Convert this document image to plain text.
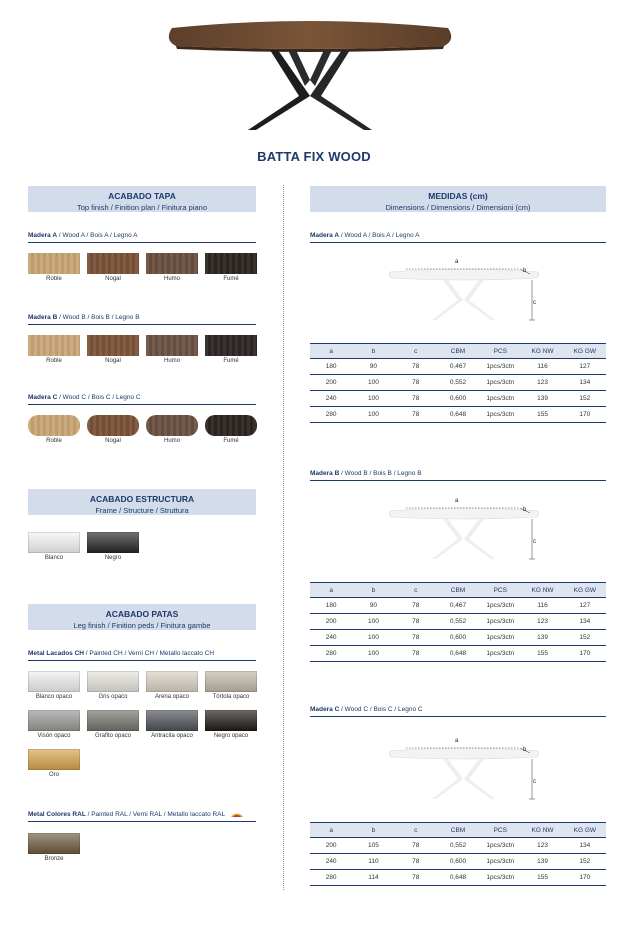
BATTA FIX WOOD
ACABADO TAPA
Top finish / Finition plan / Finitura piano
Madera A / Wood A / Bois A / Legno A
Roble	Nogal	Humo	Fumé
Madera B / Wood B / Bois B / Legno B
Roble	Nogal	Humo	Fumé
Madera C / Wood C / Bois C / Legno C
Roble	Nogal	Humo	Fumé
ACABADO ESTRUCTURA
Frame / Structure / Struttura
Blanco	Negro
ACABADO PATAS
Leg finish / Finition peds / Finitura gambe
Metal Lacados CH / Painted CH / Verni CH / Metallo laccato CH
Blanco opaco	Gris opaco	Arena opaco	Tórtola opaco
Visón opaco	Grafito opaco	Antracita opaco	Negro opaco
Oro
Metal Colores RAL / Painted RAL / Verni RAL / Metallo laccato RAL
Bronze
MEDIDAS (cm)
Dimensions / Dimensions / Dimensioni (cm)
Madera A / Wood A / Bois A / Legno A
a
b
c
a	b	c	CBM	PCS	KG NW	KG GW
180	90	78	0,467	1pcs/3ctn	116	127
200	100	78	0,552	1pcs/3ctn	123	134
240	100	78	0,600	1pcs/3ctn	139	152
280	100	78	0,648	1pcs/3ctn	155	170
Madera B / Wood B / Bois B / Legno B
a
b
c
a	b	c	CBM	PCS	KG NW	KG GW
180	90	78	0,467	1pcs/3ctn	116	127
200	100	78	0,552	1pcs/3ctn	123	134
240	100	78	0,600	1pcs/3ctn	139	152
280	100	78	0,648	1pcs/3ctn	155	170
Madera C / Wood C / Bois C / Legno C
a
b
c
a	b	c	CBM	PCS	KG NW	KG GW
200	105	78	0,552	1pcs/3ctn	123	134
240	110	78	0,600	1pcs/3ctn	139	152
280	114	78	0,648	1pcs/3ctn	155	170
